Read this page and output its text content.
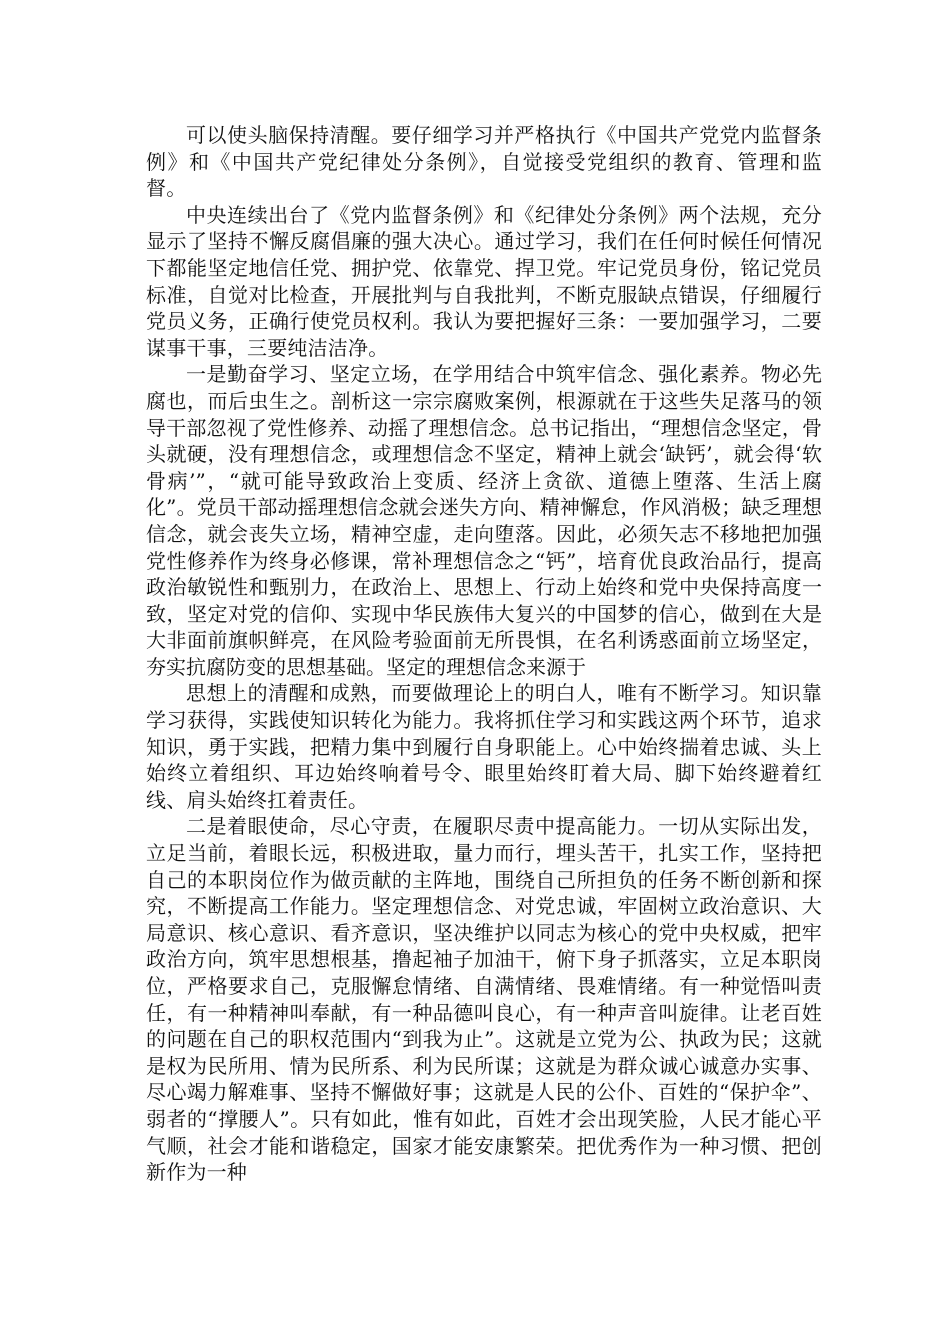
可以使头脑保持清醒。要仔细学习并严格执行《中国共产党党内监督条例》和《中国共产党纪律处分条例》，自觉接受党组织的教育、管理和监督。

中央连续出台了《党内监督条例》和《纪律处分条例》两个法规，充分显示了坚持不懈反腐倡廉的强大决心。通过学习，我们在任何时候任何情况下都能坚定地信任党、拥护党、依靠党、捍卫党。牢记党员身份，铭记党员标准，自觉对比检查，开展批判与自我批判，不断克服缺点错误，仔细履行党员义务，正确行使党员权利。我认为要把握好三条：一要加强学习，二要谋事干事，三要纯洁洁净。

一是勤奋学习、坚定立场，在学用结合中筑牢信念、强化素养。物必先腐也，而后虫生之。剖析这一宗宗腐败案例，根源就在于这些失足落马的领导干部忽视了党性修养、动摇了理想信念。总书记指出，“理想信念坚定，骨头就硬，没有理想信念，或理想信念不坚定，精神上就会‘缺钙’，就会得‘软骨病’”，“就可能导致政治上变质、经济上贪欲、道德上堕落、生活上腐化”。党员干部动摇理想信念就会迷失方向、精神懈怠，作风消极；缺乏理想信念，就会丧失立场，精神空虚，走向堕落。因此，必须矢志不移地把加强党性修养作为终身必修课，常补理想信念之“钙”，培育优良政治品行，提高政治敏锐性和甄别力，在政治上、思想上、行动上始终和党中央保持高度一致，坚定对党的信仰、实现中华民族伟大复兴的中国梦的信心，做到在大是大非面前旗帜鲜亮，在风险考验面前无所畏惧，在名利诱惑面前立场坚定，夯实抗腐防变的思想基础。坚定的理想信念来源于

思想上的清醒和成熟，而要做理论上的明白人，唯有不断学习。知识靠学习获得，实践使知识转化为能力。我将抓住学习和实践这两个环节，追求知识，勇于实践，把精力集中到履行自身职能上。心中始终揣着忠诚、头上始终立着组织、耳边始终响着号令、眼里始终盯着大局、脚下始终避着红线、肩头始终扛着责任。

二是着眼使命，尽心守责，在履职尽责中提高能力。一切从实际出发，立足当前，着眼长远，积极进取，量力而行，埋头苦干，扎实工作，坚持把自己的本职岗位作为做贡献的主阵地，围绕自己所担负的任务不断创新和探究，不断提高工作能力。坚定理想信念、对党忠诚，牢固树立政治意识、大局意识、核心意识、看齐意识，坚决维护以同志为核心的党中央权威，把牢政治方向，筑牢思想根基，撸起袖子加油干，俯下身子抓落实，立足本职岗位，严格要求自己，克服懈怠情绪、自满情绪、畏难情绪。有一种觉悟叫责任，有一种精神叫奉献，有一种品德叫良心，有一种声音叫旋律。让老百姓的问题在自己的职权范围内“到我为止”。这就是立党为公、执政为民；这就是权为民所用、情为民所系、利为民所谋；这就是为群众诚心诚意办实事、尽心竭力解难事、坚持不懈做好事；这就是人民的公仆、百姓的“保护伞”、弱者的“撑腰人”。只有如此，惟有如此，百姓才会出现笑脸，人民才能心平气顺，社会才能和谐稳定，国家才能安康繁荣。把优秀作为一种习惯、把创新作为一种
